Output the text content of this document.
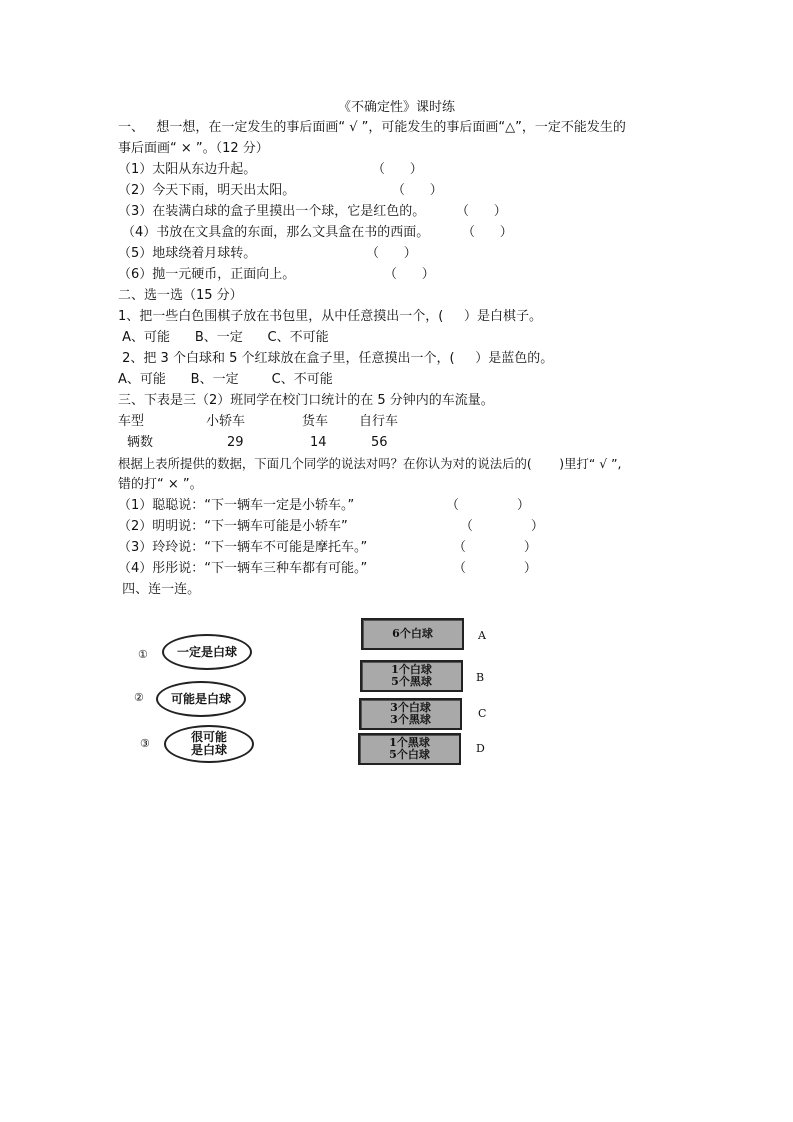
《不确定性》课时练
一、   想一想，在一定发生的事后面画“ √ ”，可能发生的事后面画“△”，一定不能发生的
事后面画“ × ”。（12 分）
（1）太阳从东边升起。	（      ）
（2）今天下雨，明天出太阳。	（      ）
（3）在装满白球的盒子里摸出一个球，它是红色的。 （      ）
（4）书放在文具盒的东面，那么文具盒在书的西面。	（      ）
（5）地球绕着月球转。	（      ）
（6）抛一元硬币，正面向上。	（      ）
二、选一选（15 分）
1、把一些白色围棋子放在书包里，从中任意摸出一个，(     ）是白棋子。
A、可能      B、一定      C、不可能
2、把 3 个白球和 5 个红球放在盒子里，任意摸出一个，(     ）是蓝色的。
A、可能      B、一定        C、不可能
三、下表是三（2）班同学在校门口统计的在 5 分钟内的车流量。
车型	小轿车	货车 自行车
辆数	29	14	56
根据上表所提供的数据，下面几个同学的说法对吗？在你认为对的说法后的(       )里打“ √ ”,
错的打“ × ”。
（1）聪聪说：“下一辆车一定是小轿车。”	（              ）
（2）明明说：“下一辆车可能是小轿车”	（              ）
（3）玲玲说：“下一辆车不可能是摩托车。”	（              ）
（4）彤彤说：“下一辆车三种车都有可能。”	（              ）
四、连一连。
①	一定是白球
②	可能是白球
③	很可能
是白球
6个白球	A
1个白球
5个黑球	B
3个白球
3个黑球	C
1个黑球
5个白球	D
